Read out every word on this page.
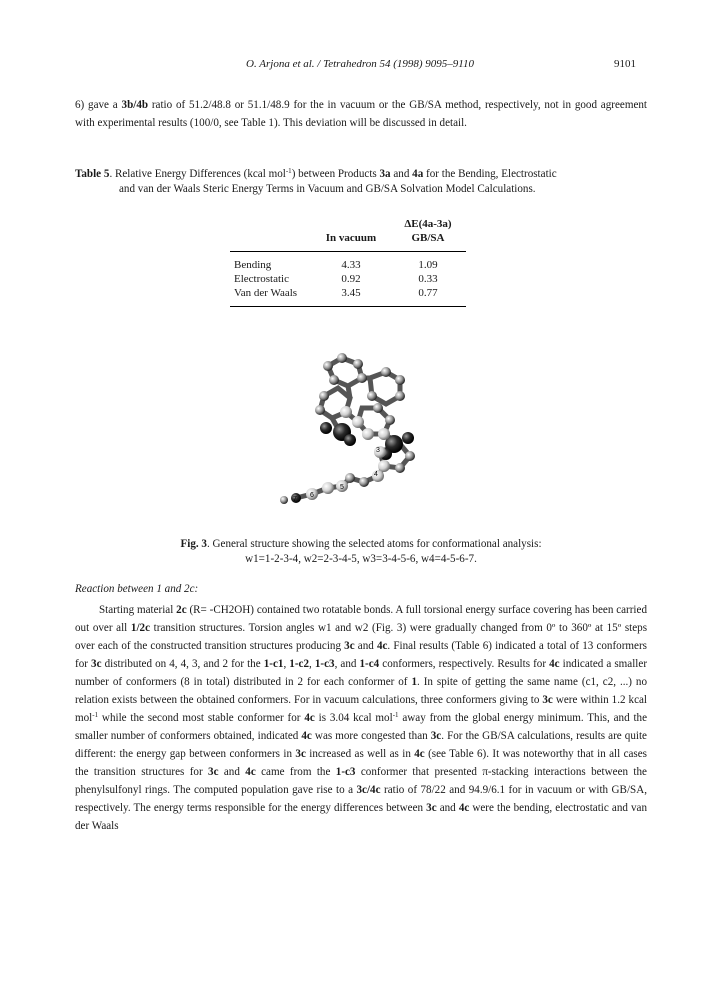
O. Arjona et al. / Tetrahedron 54 (1998) 9095–9110	9101

6) gave a 3b/4b ratio of 51.2/48.8 or 51.1/48.9 for the in vacuum or the GB/SA method, respectively, not in good agreement with experimental results (100/0, see Table 1). This deviation will be discussed in detail.

Table 5. Relative Energy Differences (kcal mol$^{-1}$) between Products 3a and 4a for the Bending, Electrostatic
and van der Waals Steric Energy Terms in Vacuum and GB/SA Solvation Model Calculations.
	ΔE(4a-3a)	
	In vacuum	GB/SA

Bending	4.33	1.09
Electrostatic	0.92	0.33
Van der Waals	3.45	0.77

3
4
5
6
7
Fig. 3. General structure showing the selected atoms for conformational analysis:
w1=1-2-3-4, w2=2-3-4-5, w3=3-4-5-6, w4=4-5-6-7.
Reaction between 1 and 2c:

Starting material 2c (R= -CH2OH) contained two rotatable bonds. A full torsional energy surface covering has been carried out over all 1/2c transition structures. Torsion angles w1 and w2 (Fig. 3) were gradually changed from 0º to 360º at 15º steps over each of the constructed transition structures producing 3c and 4c. Final results (Table 6) indicated a total of 13 conformers for 3c distributed on 4, 4, 3, and 2 for the 1-c1, 1-c2, 1-c3, and 1-c4 conformers, respectively. Results for 4c indicated a smaller number of conformers (8 in total) distributed in 2 for each conformer of 1. In spite of getting the same name (c1, c2, ...) no relation exists between the obtained conformers. For in vacuum calculations, three conformers giving to 3c were within 1.2 kcal mol$^{-1}$ while the second most stable conformer for 4c is 3.04 kcal mol$^{-1}$ away from the global energy minimum. This, and the smaller number of conformers obtained, indicated 4c was more congested than 3c. For the GB/SA calculations, results are quite different: the energy gap between conformers in 3c increased as well as in 4c (see Table 6). It was noteworthy that in all cases the transition structures for 3c and 4c came from the 1-c3 conformer that presented π-stacking interactions between the phenylsulfonyl rings. The computed population gave rise to a 3c/4c ratio of 78/22 and 94.9/6.1 for in vacuum or with GB/SA, respectively. The energy terms responsible for the energy differences between 3c and 4c were the bending, electrostatic and van der Waals
